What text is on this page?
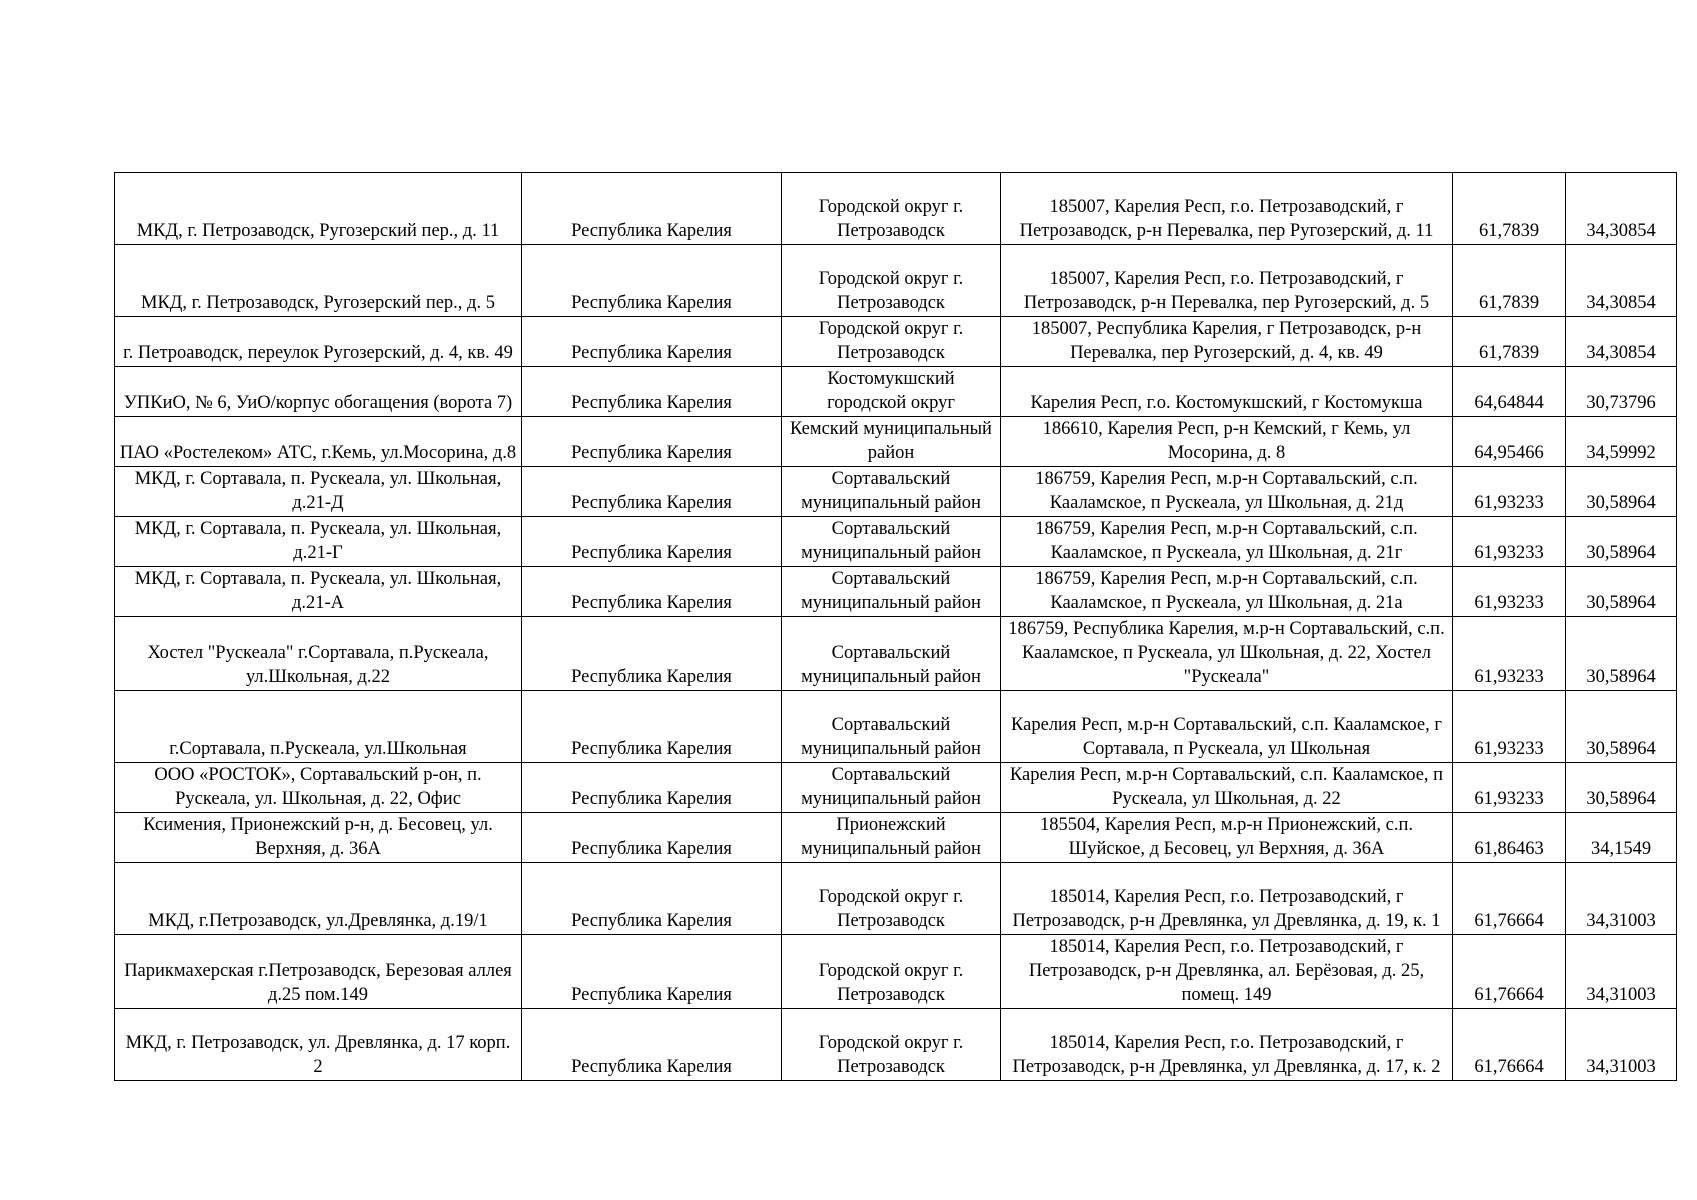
МКД, г. Петрозаводск, Ругозерский пер., д. 11	Республика Карелия	Городской округ г. Петрозаводск	185007, Карелия Респ, г.о. Петрозаводский, г Петрозаводск, р-н Перевалка, пер Ругозерский, д. 11	61,7839	34,30854
МКД, г. Петрозаводск, Ругозерский пер., д. 5	Республика Карелия	Городской округ г. Петрозаводск	185007, Карелия Респ, г.о. Петрозаводский, г Петрозаводск, р-н Перевалка, пер Ругозерский, д. 5	61,7839	34,30854
г. Петроаводск, переулок Ругозерский, д. 4, кв. 49	Республика Карелия	Городской округ г. Петрозаводск	185007, Республика Карелия, г Петрозаводск, р-н Перевалка, пер Ругозерский, д. 4, кв. 49	61,7839	34,30854
УПКиО, № 6, УиО/корпус обогащения (ворота 7)	Республика Карелия	Костомукшский городской округ	Карелия Респ, г.о. Костомукшский, г Костомукша	64,64844	30,73796
ПАО «Ростелеком» АТС, г.Кемь, ул.Мосорина, д.8	Республика Карелия	Кемский муниципальный район	186610, Карелия Респ, р-н Кемский, г Кемь, ул Мосорина, д. 8	64,95466	34,59992
МКД, г. Сортавала, п. Рускеала, ул. Школьная, д.21-Д	Республика Карелия	Сортавальский муниципальный район	186759, Карелия Респ, м.р-н Сортавальский, с.п. Кааламское, п Рускеала, ул Школьная, д. 21д	61,93233	30,58964
МКД, г. Сортавала, п. Рускеала, ул. Школьная, д.21-Г	Республика Карелия	Сортавальский муниципальный район	186759, Карелия Респ, м.р-н Сортавальский, с.п. Кааламское, п Рускеала, ул Школьная, д. 21г	61,93233	30,58964
МКД, г. Сортавала, п. Рускеала, ул. Школьная, д.21-А	Республика Карелия	Сортавальский муниципальный район	186759, Карелия Респ, м.р-н Сортавальский, с.п. Кааламское, п Рускеала, ул Школьная, д. 21а	61,93233	30,58964
Хостел "Рускеала" г.Сортавала, п.Рускеала, ул.Школьная, д.22	Республика Карелия	Сортавальский муниципальный район	186759, Республика Карелия, м.р-н Сортавальский, с.п. Кааламское, п Рускеала, ул Школьная, д. 22, Хостел "Рускеала"	61,93233	30,58964
г.Сортавала, п.Рускеала, ул.Школьная	Республика Карелия	Сортавальский муниципальный район	Карелия Респ, м.р-н Сортавальский, с.п. Кааламское, г Сортавала, п Рускеала, ул Школьная	61,93233	30,58964
ООО «РОСТОК», Сортавальский р-он, п. Рускеала, ул. Школьная, д. 22, Офис	Республика Карелия	Сортавальский муниципальный район	Карелия Респ, м.р-н Сортавальский, с.п. Кааламское, п Рускеала, ул Школьная, д. 22	61,93233	30,58964
Ксимения, Прионежский р-н, д. Бесовец, ул. Верхняя, д. 36А	Республика Карелия	Прионежский муниципальный район	185504, Карелия Респ, м.р-н Прионежский, с.п. Шуйское, д Бесовец, ул Верхняя, д. 36А	61,86463	34,1549
МКД, г.Петрозаводск, ул.Древлянка, д.19/1	Республика Карелия	Городской округ г. Петрозаводск	185014, Карелия Респ, г.о. Петрозаводский, г Петрозаводск, р-н Древлянка, ул Древлянка, д. 19, к. 1	61,76664	34,31003
Парикмахерская г.Петрозаводск, Березовая аллея д.25 пом.149	Республика Карелия	Городской округ г. Петрозаводск	185014, Карелия Респ, г.о. Петрозаводский, г Петрозаводск, р-н Древлянка, ал. Берёзовая, д. 25, помещ. 149	61,76664	34,31003
МКД, г. Петрозаводск, ул. Древлянка, д. 17 корп. 2	Республика Карелия	Городской округ г. Петрозаводск	185014, Карелия Респ, г.о. Петрозаводский, г Петрозаводск, р-н Древлянка, ул Древлянка, д. 17, к. 2	61,76664	34,31003
